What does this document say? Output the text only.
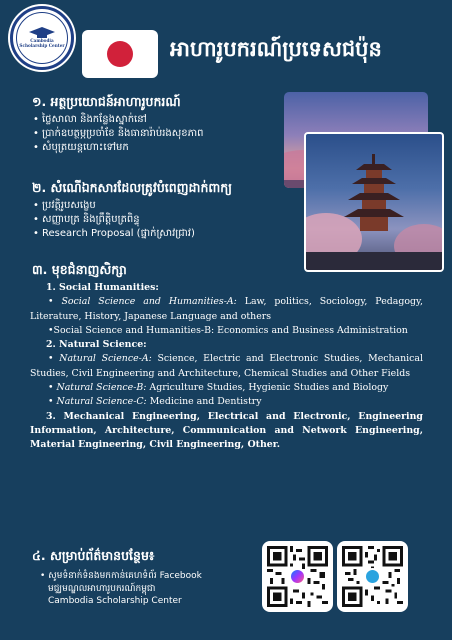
Cambodia Scholarship Center	អាហារូបករណ៍ប្រទេសជប៉ុន
១. អត្ថប្រយោជន៍អាហារូបករណ៍
• ថ្លៃសាលា និងកន្លែងស្នាក់នៅ
• ប្រាក់ឧបត្ថម្ភប្រចាំខែ និងធានារ៉ាប់រងសុខភាព
• សំបុត្រយន្តហោះទៅមក
២. សំណើឯកសារដែលត្រូវបំពេញដាក់ពាក្យ
• ប្រវត្តិរូបសង្ខេប
• សញ្ញាបត្រ និងព្រឹត្តិបត្រពិន្ទុ
• Research Proposal (ផ្នាក់ស្រាវជ្រាវ)
៣. មុខជំនាញសិក្សា
1. Social Humanities:
• Social Science and Humanities-A: Law, politics, Sociology, Pedagogy, Literature, History, Japanese Language and others
•Social Science and Humanities-B: Economics and Business Administration
2. Natural Science:
• Natural Science-A: Science, Electric and Electronic Studies, Mechanical Studies, Civil Engineering and Architecture, Chemical Studies and Other Fields
• Natural Science-B: Agriculture Studies, Hygienic Studies and Biology
• Natural Science-C: Medicine and Dentistry
3. Mechanical Engineering, Electrical and Electronic, Engineering Information, Architecture, Communication and Network Engineering, Material Engineering, Civil Engineering, Other.
៤. សម្រាប់ព័ត៌មានបន្ថែម៖
• សូមទំនាក់ទំនងមកកាន់គេហទំព័រ Facebook
មជ្ឈមណ្ឌលអាហារូបករណ៍កម្ពុជា
Cambodia Scholarship Center
